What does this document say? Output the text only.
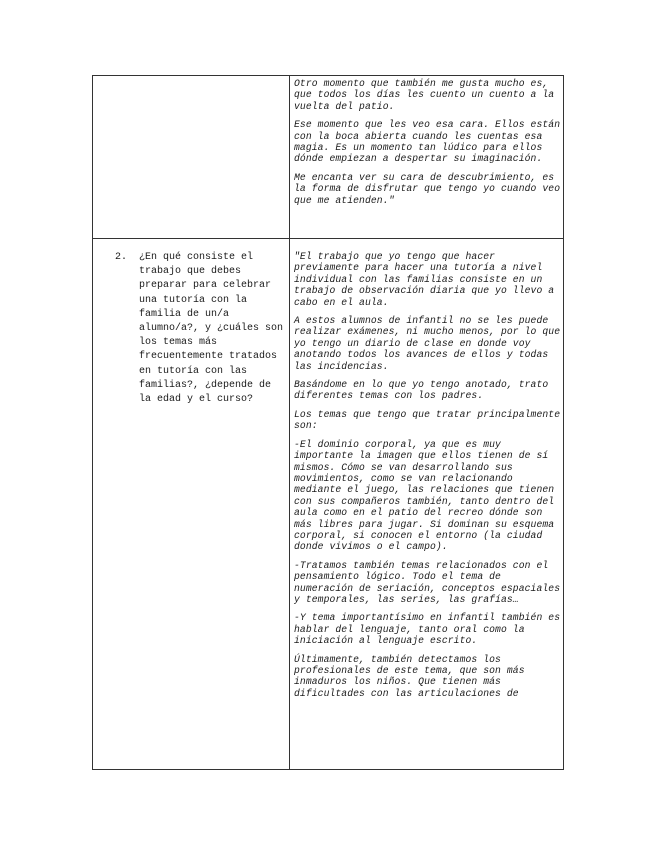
Otro momento que también me gusta mucho es, que todos los días les cuento un cuento a la vuelta del patio.

Ese momento que les veo esa cara. Ellos están con la boca abierta cuando les cuentas esa magia. Es un momento tan lúdico para ellos dónde empiezan a despertar su imaginación.

Me encanta ver su cara de descubrimiento, es la forma de disfrutar que tengo yo cuando veo que me atienden."

2. ¿En qué consiste el trabajo que debes preparar para celebrar una tutoría con la familia de un/a alumno/a?, y ¿cuáles son los temas más frecuentemente tratados en tutoría con las familias?, ¿depende de la edad y el curso?

"El trabajo que yo tengo que hacer previamente para hacer una tutoría a nivel individual con las familias consiste en un trabajo de observación diaria que yo llevo a cabo en el aula.

A estos alumnos de infantil no se les puede realizar exámenes, ni mucho menos, por lo que yo tengo un diario de clase en donde voy anotando todos los avances de ellos y todas las incidencias.

Basándome en lo que yo tengo anotado, trato diferentes temas con los padres.

Los temas que tengo que tratar principalmente son:

-El dominio corporal, ya que es muy importante la imagen que ellos tienen de sí mismos. Cómo se van desarrollando sus movimientos, como se van relacionando mediante el juego, las relaciones que tienen con sus compañeros también, tanto dentro del aula como en el patio del recreo dónde son más libres para jugar. Si dominan su esquema corporal, si conocen el entorno (la ciudad donde vivimos o el campo).

-Tratamos también temas relacionados con el pensamiento lógico. Todo el tema de numeración de seriación, conceptos espaciales y temporales, las series, las grafías…

-Y tema importantísimo en infantil también es hablar del lenguaje, tanto oral como la iniciación al lenguaje escrito.

Últimamente, también detectamos los profesionales de este tema, que son más inmaduros los niños. Que tienen más dificultades con las articulaciones de
